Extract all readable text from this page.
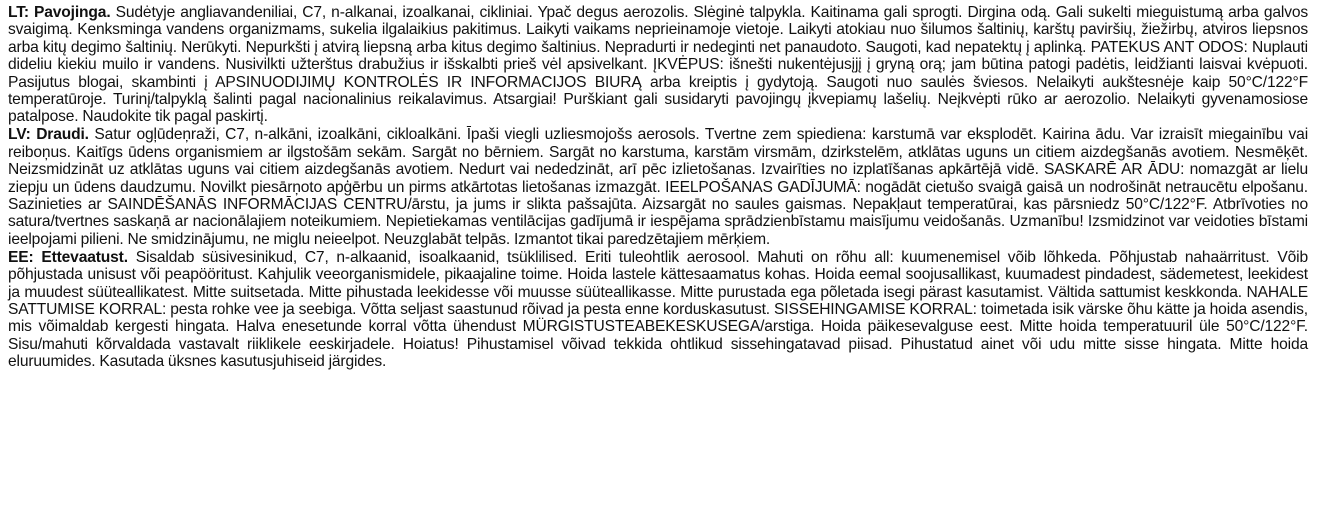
LT: Pavojinga. Sudėtyje angliavandeniliai, C7, n-alkanai, izoalkanai, cikliniai. Ypač degus aerozolis. Slėginė talpykla. Kaitinama gali sprogti. Dirgina odą. Gali sukelti mieguistumą arba galvos svaigimą. Kenksminga vandens organizmams, sukelia ilgalaikius pakitimus. Laikyti vaikams neprieinamoje vietoje. Laikyti atokiau nuo šilumos šaltinių, karštų paviršių, žiežirbų, atviros liepsnos arba kitų degimo šaltinių. Nerūkyti. Nepurkšti į atvirą liepsną arba kitus degimo šaltinius. Nepradurti ir nedeginti net panaudoto. Saugoti, kad nepatektų į aplinką. PATEKUS ANT ODOS: Nuplauti dideliu kiekiu muilo ir vandens. Nusivilkti užterštus drabužius ir išskalbti prieš vėl apsivelkant. ĮKVĖPUS: išnešti nukentėjusįjį į gryną orą; jam būtina patogi padėtis, leidžianti laisvai kvėpuoti. Pasijutus blogai, skambinti į APSINUODIJIMŲ KONTROLĖS IR INFORMACIJOS BIURĄ arba kreiptis į gydytoją. Saugoti nuo saulės šviesos. Nelaikyti aukštesnėje kaip 50°C/122°F temperatūroje. Turinį/talpyklą šalinti pagal nacionalinius reikalavimus. Atsargiai! Purškiant gali susidaryti pavojingų įkvepiamų lašelių. Neįkvėpti rūko ar aerozolio. Nelaikyti gyvenamosiose patalpose. Naudokite tik pagal paskirtį.

LV: Draudi. Satur ogļūdeņraži, C7, n-alkāni, izoalkāni, cikloalkāni. Īpaši viegli uzliesmojošs aerosols. Tvertne zem spiediena: karstumā var eksplodēt. Kairina ādu. Var izraisīt miegainību vai reiboņus. Kaitīgs ūdens organismiem ar ilgstošām sekām. Sargāt no bērniem. Sargāt no karstuma, karstām virsmām, dzirkstelēm, atklātas uguns un citiem aizdegšanās avotiem. Nesmēķēt. Neizsmidzināt uz atklātas uguns vai citiem aizdegšanās avotiem. Nedurt vai nededzināt, arī pēc izlietošanas. Izvairīties no izplatīšanas apkārtējā vidē. SASKARĒ AR ĀDU: nomazgāt ar lielu ziepju un ūdens daudzumu. Novilkt piesārņoto apģērbu un pirms atkārtotas lietošanas izmazgāt. IEELPOŠANAS GADĪJUMĀ: nogādāt cietušo svaigā gaisā un nodrošināt netraucētu elpošanu. Sazinieties ar SAINDĒŠANĀS INFORMĀCIJAS CENTRU/ārstu, ja jums ir slikta pašsajūta. Aizsargāt no saules gaismas. Nepakļaut temperatūrai, kas pārsniedz 50°C/122°F. Atbrīvoties no satura/tvertnes saskaņā ar nacionālajiem noteikumiem. Nepietiekamas ventilācijas gadījumā ir iespējama sprādzienbīstamu maisījumu veidošanās. Uzmanību! Izsmidzinot var veidoties bīstami ieelpojami pilieni. Ne smidzinājumu, ne miglu neieelpot. Neuzglabāt telpās. Izmantot tikai paredzētajiem mērķiem.

EE: Ettevaatust. Sisaldab süsivesinikud, C7, n-alkaanid, isoalkaanid, tsüklilised. Eriti tuleohtlik aerosool. Mahuti on rõhu all: kuumenemisel võib lõhkeda. Põhjustab nahaärritust. Võib põhjustada unisust või peapööritust. Kahjulik veeorganismidele, pikaajaline toime. Hoida lastele kättesaamatus kohas. Hoida eemal soojusallikast, kuumadest pindadest, sädemetest, leekidest ja muudest süüteallikatest. Mitte suitsetada. Mitte pihustada leekidesse või muusse süüteallikasse. Mitte purustada ega põletada isegi pärast kasutamist. Vältida sattumist keskkonda. NAHALE SATTUMISE KORRAL: pesta rohke vee ja seebiga. Võtta seljast saastunud rõivad ja pesta enne korduskasutust. SISSEHINGAMISE KORRAL: toimetada isik värske õhu kätte ja hoida asendis, mis võimaldab kergesti hingata. Halva enesetunde korral võtta ühendust MÜRGISTUSTEABEKESKUSEGA/arstiga. Hoida päikesevalguse eest. Mitte hoida temperatuuril üle 50°C/122°F. Sisu/mahuti kõrvaldada vastavalt riiklikele eeskirjadele. Hoiatus! Pihustamisel võivad tekkida ohtlikud sissehingatavad piisad. Pihustatud ainet või udu mitte sisse hingata. Mitte hoida eluruumides. Kasutada üksnes kasutusjuhiseid järgides.
